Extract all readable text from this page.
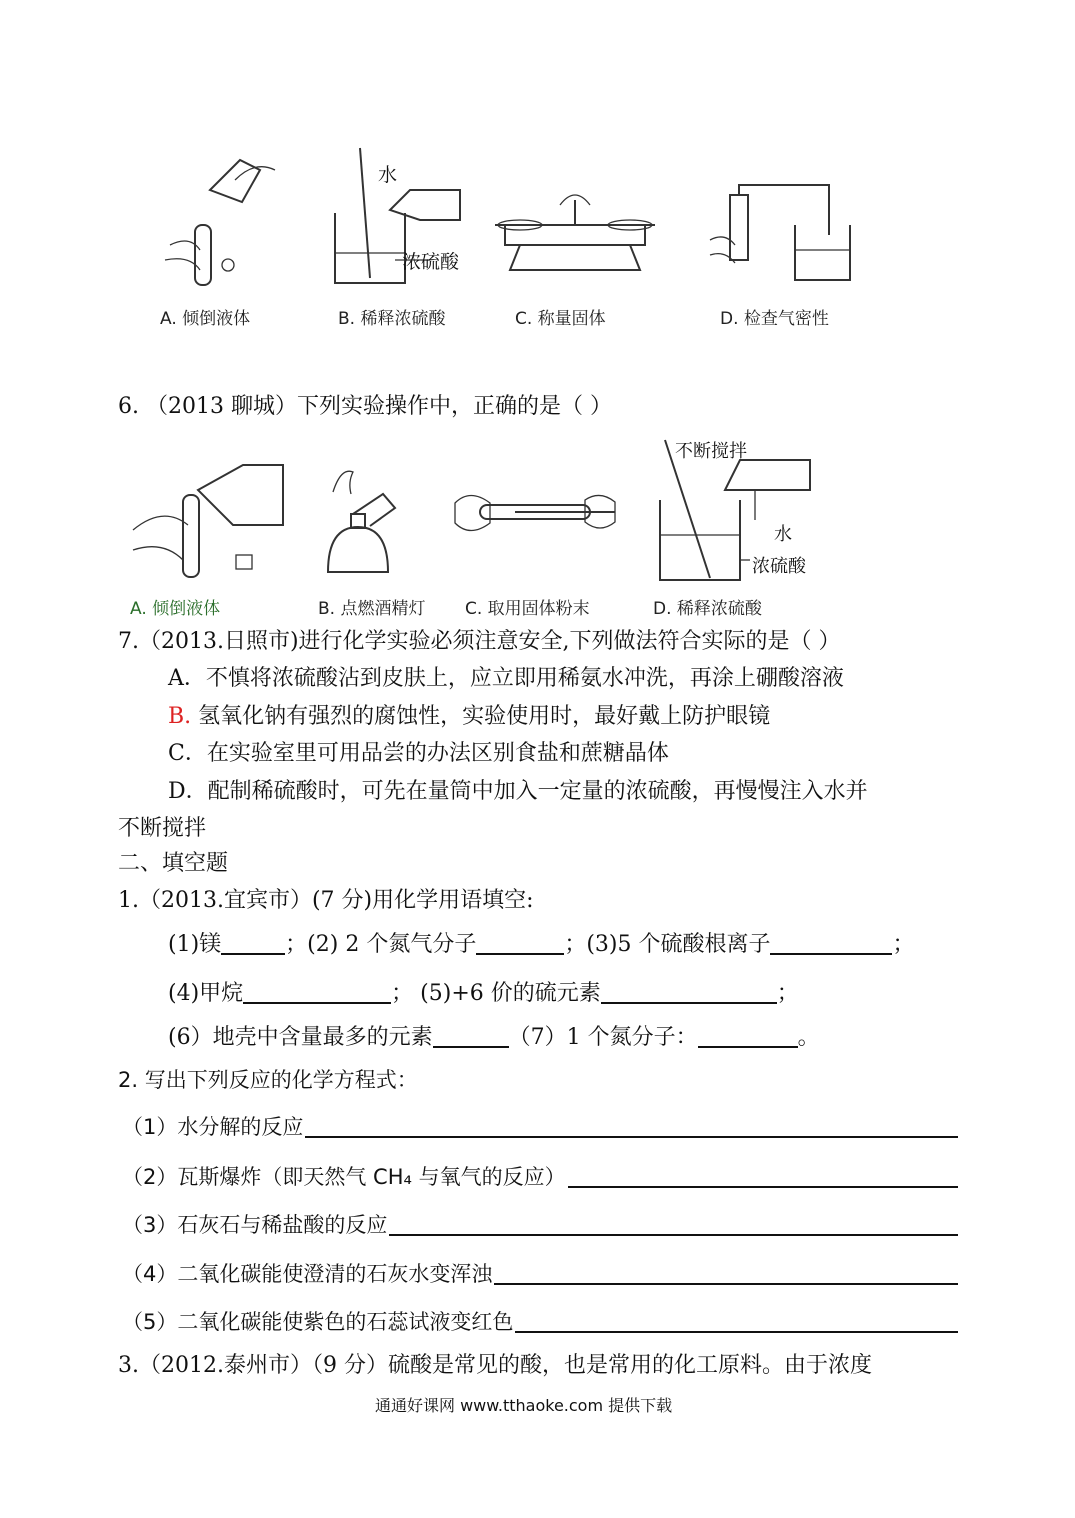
水
浓硫酸
A. 倾倒液体	B. 稀释浓硫酸	C. 称量固体	D. 检查气密性
6. （2013 聊城）下列实验操作中，正确的是（ ）
不断搅拌
水
浓硫酸
A. 倾倒液体	B. 点燃酒精灯 C. 取用固体粉末	D. 稀释浓硫酸
7.（2013.日照市)进行化学实验必须注意安全,下列做法符合实际的是（ ）
A．不慎将浓硫酸沾到皮肤上，应立即用稀氨水冲洗，再涂上硼酸溶液
B. 氢氧化钠有强烈的腐蚀性，实验使用时，最好戴上防护眼镜
C．在实验室里可用品尝的办法区别食盐和蔗糖晶体
D．配制稀硫酸时，可先在量筒中加入一定量的浓硫酸，再慢慢注入水并
不断搅拌
二、填空题
1.（2013.宜宾市）(7 分)用化学用语填空:
(1)镁	；(2) 2 个氮气分子	；(3)5 个硫酸根离子	；
(4)甲烷	； (5)+6 价的硫元素	；
(6）地壳中含量最多的元素	（7）1 个氮分子：	。
2. 写出下列反应的化学方程式：
（1）水分解的反应
（2）瓦斯爆炸（即天然气 CH₄ 与氧气的反应）
（3）石灰石与稀盐酸的反应
（4）二氧化碳能使澄清的石灰水变浑浊
（5）二氧化碳能使紫色的石蕊试液变红色
3.（2012.泰州市）（9 分）硫酸是常见的酸，也是常用的化工原料。由于浓度
通通好课网 www.tthaoke.com 提供下载
